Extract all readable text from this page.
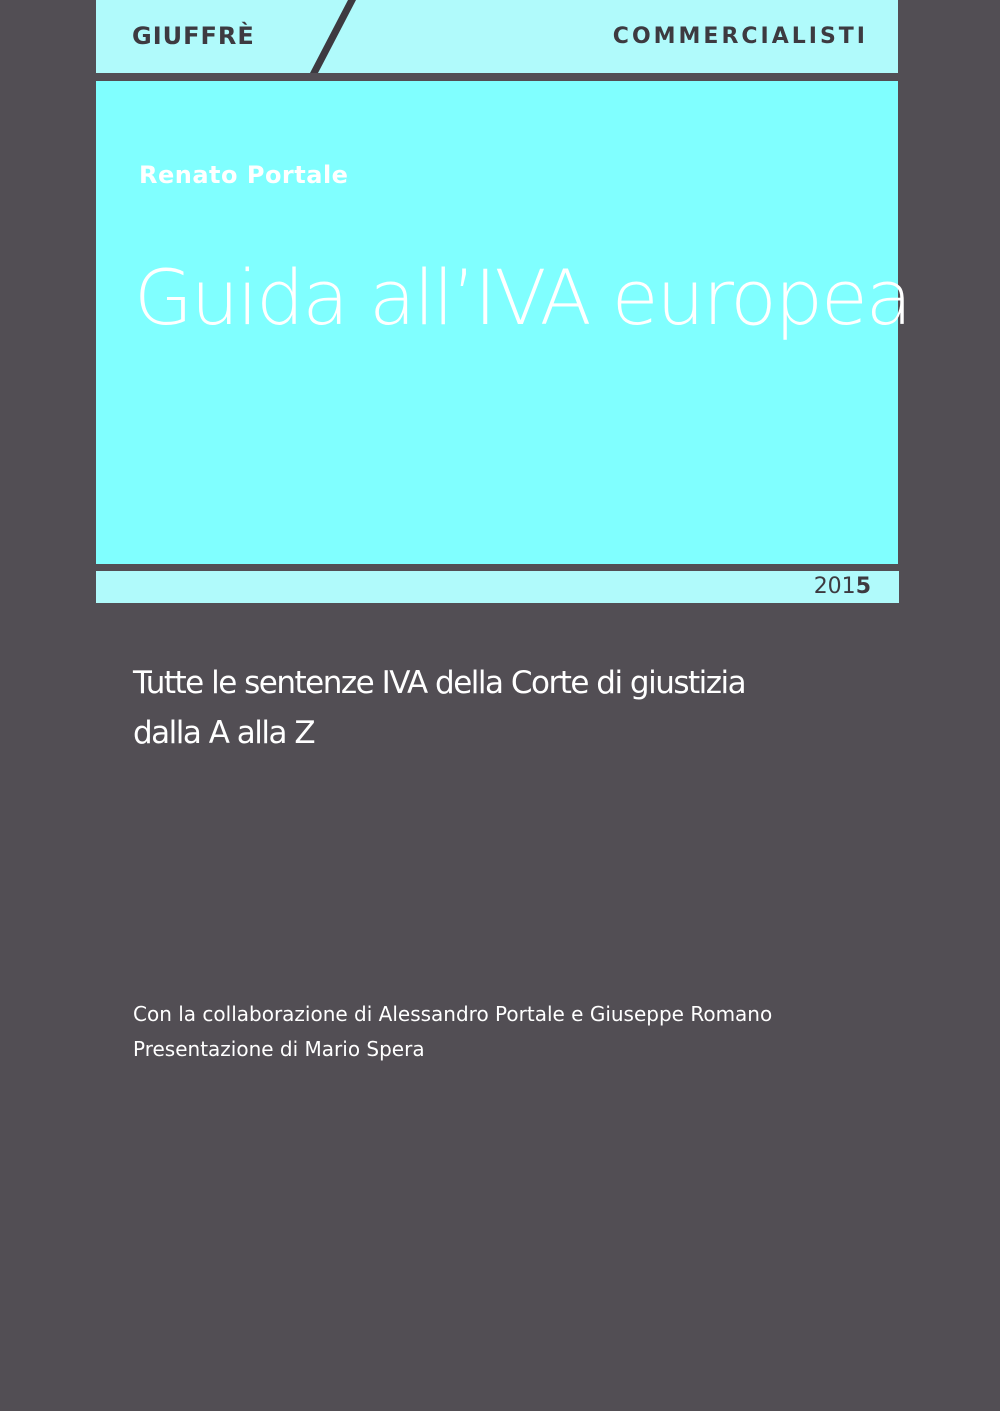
GIUFFRÈ	COMMERCIALISTI
Renato Portale
Guida all’IVA europea
2015
Tutte le sentenze IVA della Corte di giustizia
dalla A alla Z
Con la collaborazione di Alessandro Portale e Giuseppe Romano
Presentazione di Mario Spera
